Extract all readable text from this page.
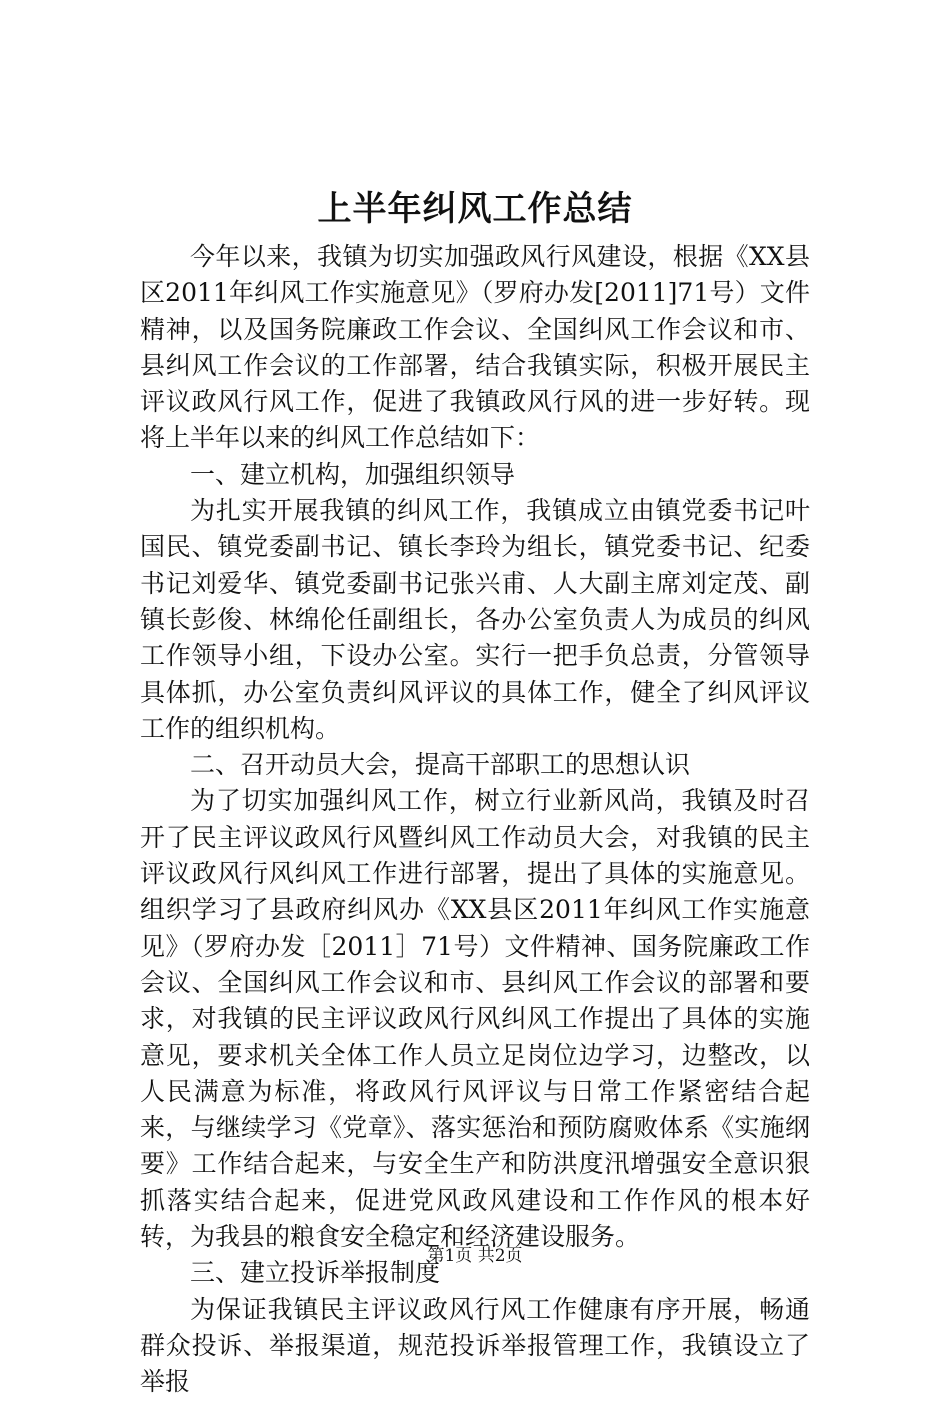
上半年纠风工作总结

今年以来，我镇为切实加强政风行风建设，根据《XX县区2011年纠风工作实施意见》（罗府办发[2011]71号）文件精神，以及国务院廉政工作会议、全国纠风工作会议和市、县纠风工作会议的工作部署，结合我镇实际，积极开展民主评议政风行风工作，促进了我镇政风行风的进一步好转。现将上半年以来的纠风工作总结如下：

一、建立机构，加强组织领导

为扎实开展我镇的纠风工作，我镇成立由镇党委书记叶国民、镇党委副书记、镇长李玲为组长，镇党委书记、纪委书记刘爱华、镇党委副书记张兴甫、人大副主席刘定茂、副镇长彭俊、林绵伦任副组长，各办公室负责人为成员的纠风工作领导小组，下设办公室。实行一把手负总责，分管领导具体抓，办公室负责纠风评议的具体工作，健全了纠风评议工作的组织机构。

二、召开动员大会，提高干部职工的思想认识

为了切实加强纠风工作，树立行业新风尚，我镇及时召开了民主评议政风行风暨纠风工作动员大会，对我镇的民主评议政风行风纠风工作进行部署，提出了具体的实施意见。组织学习了县政府纠风办《XX县区2011年纠风工作实施意见》（罗府办发［2011］71号）文件精神、国务院廉政工作会议、全国纠风工作会议和市、县纠风工作会议的部署和要求，对我镇的民主评议政风行风纠风工作提出了具体的实施意见，要求机关全体工作人员立足岗位边学习，边整改，以人民满意为标准，将政风行风评议与日常工作紧密结合起来，与继续学习《党章》、落实惩治和预防腐败体系《实施纲要》工作结合起来，与安全生产和防洪度汛增强安全意识狠抓落实结合起来，促进党风政风建设和工作作风的根本好转，为我县的粮食安全稳定和经济建设服务。

三、建立投诉举报制度

为保证我镇民主评议政风行风工作健康有序开展，畅通群众投诉、举报渠道，规范投诉举报管理工作，我镇设立了举报

第1页 共2页
